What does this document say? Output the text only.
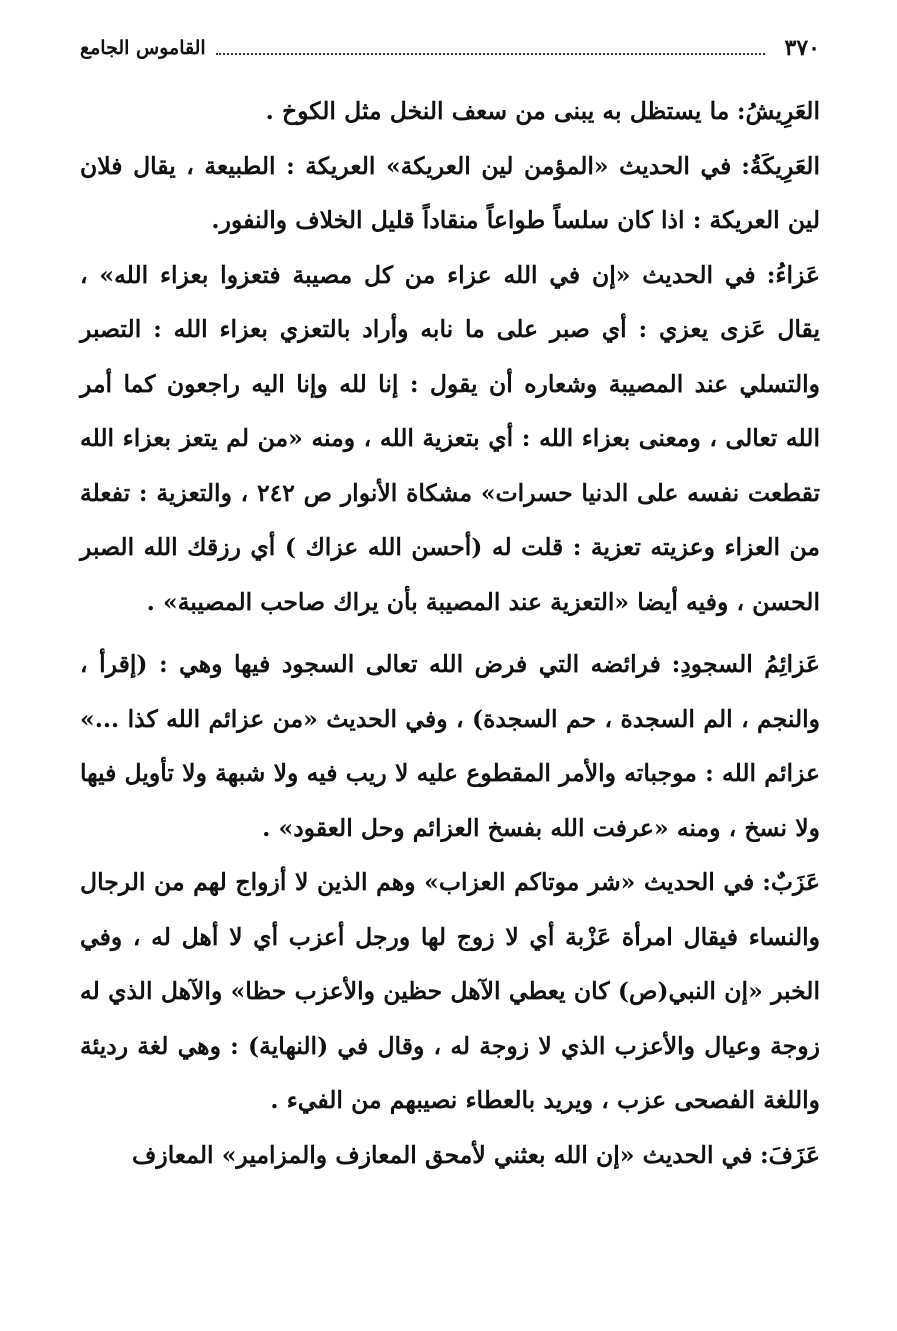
٣٧٠
القاموس الجامع

العَرِيشُ: ما يستظل به يبنى من سعف النخل مثل الكوخ .

العَرِيكَةُ: في الحديث «المؤمن لين العريكة» العريكة : الطبيعة ، يقال فلان لين العريكة : اذا كان سلساً طواعاً منقاداً قليل الخلاف والنفور.

عَزاءُ: في الحديث «إن في الله عزاء من كل مصيبة فتعزوا بعزاء الله» ، يقال عَزى يعزي : أي صبر على ما نابه وأراد بالتعزي بعزاء الله : التصبر والتسلي عند المصيبة وشعاره أن يقول : إنا لله وإنا اليه راجعون كما أمر الله تعالى ، ومعنى بعزاء الله : أي بتعزية الله ، ومنه «من لم يتعز بعزاء الله تقطعت نفسه على الدنيا حسرات» مشكاة الأنوار ص ٢٤٢ ، والتعزية : تفعلة من العزاء وعزيته تعزية : قلت له (أحسن الله عزاك ) أي رزقك الله الصبر الحسن ، وفيه أيضا «التعزية عند المصيبة بأن يراك صاحب المصيبة» .

عَزائِمُ السجودِ: فرائضه التي فرض الله تعالى السجود فيها وهي : (إقرأ ، والنجم ، الم السجدة ، حم السجدة) ، وفي الحديث «من عزائم الله كذا ...» عزائم الله : موجباته والأمر المقطوع عليه لا ريب فيه ولا شبهة ولا تأويل فيها ولا نسخ ، ومنه «عرفت الله بفسخ العزائم وحل العقود» .

عَزَبٌ: في الحديث «شر موتاكم العزاب» وهم الذين لا أزواج لهم من الرجال والنساء فيقال امرأة عَزْبة أي لا زوج لها ورجل أعزب أي لا أهل له ، وفي الخبر «إن النبي(ص) كان يعطي الآهل حظين والأعزب حظا» والآهل الذي له زوجة وعيال والأعزب الذي لا زوجة له ، وقال في (النهاية) : وهي لغة رديئة واللغة الفصحى عزب ، ويريد بالعطاء نصيبهم من الفيء .

عَزَفَ: في الحديث «إن الله بعثني لأمحق المعازف والمزامير» المعازف
